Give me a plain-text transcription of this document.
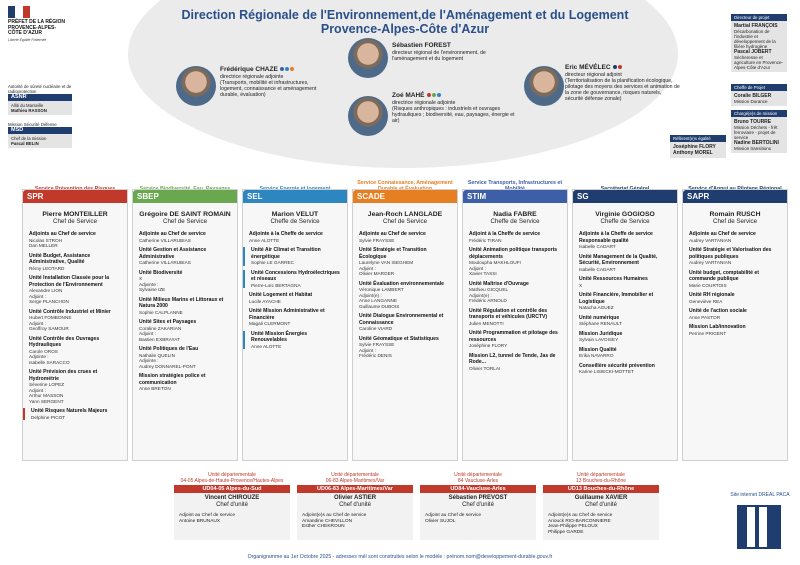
PRÉFET DE LA RÉGION PROVENCE-ALPES-CÔTE D'AZUR
Liberté Égalité Fraternité
Direction Régionale de l'Environnement,de l'Aménagement et du Logement
Provence-Alpes-Côte d'Azur
Sébastien FOREST
directeur régional de l'environnement, de l'aménagement et du logement
Frédérique CHAZE
directrice régionale adjointe
(Transports, mobilité et infrastructures, logement, connaissance et aménagement durable, évaluation)
Eric MÉVÉLEC
directeur régional adjoint
(Territorialisation de la planification écologique, pilotage des moyens des services et animation de la zone de gouvernance, risques naturels, sécurité défense zonale)
Zoé MAHÉ
directrice régionale adjointe
(Risques anthropiques : industriels et ouvrages hydrauliques ; biodiversité, eau, paysages, énergie et air)
Autorité de sûreté nucléaire et de radioprotection
ASNR
Alliti du Marseille
Mathieu RASSON
Mission Sécurité Défense
MSD
Chef de la mission
Pascal BELIN
Directeur de projet
Martial FRANÇOIS
Décarbonation de l'industrie et développement de la filière hydrogène
Pascal JOBERT
Sécheresse et agriculture en Provence-Alpes-Côte d'Azur
Cheffe de Projet
Coralie BILGER
Mission Durance
Chargé(e)s de mission
Bruno TOURRE
Mission Déchets - frêt ferroviaire - projet de service
Nadine BERTOLINI
Mission transitions
Référent(e)s égalité
Joséphine FLORY
Anthony MOREL
SPR
Pierre MONTEILLER
Chef de Service
Adjoints au Chef de service

Nicolas STROH
Dan MELLER
Unité Budget, Assistance Administrative, Qualité

Rémy LEOTARD
Unité Installation Classée pour la Protection de l'Environnement

Alexandre LION
Adjoint :
Serge PLANCHON
Unité Contrôle Industriel et Minier

Hubert FOMBONNE
Adjoint :
Geoffroy SAMOUR
Unité Contrôle des Ouvrages Hydrauliques

Carole OROS
Adjointe :
Isabelle SARACCO
Unité Prévision des crues et Hydrométrie

Séverine LOPEZ
Adjoint :
Arthur MASSON
Yann SERGENT
Unité Risques Naturels Majeurs

Delphine PICOT
SBEP
Grégoire DE SAINT ROMAIN
Chef de Service
Adjointe au Chef de service

Catherine VILLARUBIAS
Unité Gestion et Assistance Administrative

Catherine VILLARUBIAS
Unité Biodiversité

X
Adjointe :
Sylvaine IZE
Unité Milieux Marins et Littoraux et Natura 2000

Sophie CALPLANNE
Unité Sites et Paysages

Coraline ZAKARIAN
Adjoint :
Bastien EXBRAYAT
Unité Politiques de l'Eau

Nathalie QUELIN
Adjointe :
Audrey DONNAREL-PONT
Mission stratégies police et communication

Anne BRETON
SEL
Marion VELUT
Cheffe de Service
Adjointe à la Cheffe de service

Anne ALOTTE
Unité Air Climat et Transition énergétique

Sophie LE GARREC
Unité Concessions Hydroélectriques et réseaux

Pierre-Loïc BERTAGNA
Unité Logement et Habitat

Lucile AYACHE
Unité Mission Administrative et Financière

Magali CLERMONT
Unité Mission Énergies Renouvelables

Anne ALOTTE
Service Connaissance, Aménagement
SCADE
Jean-Roch LANGLADE
Chef de Service
Adjointe au Chef de service

Sylvie FRAYSSE
Unité Stratégie et Transition Écologique

Laurelyne VAN ISEGHEM
Adjoint :
Olivier MARGER
Unité Évaluation environnementale

Véronique LAMBERT
Adjoint(e) :
Anne LANGANNE
Guillaume DUBOIS
Unité Dialogue Environnemental et Connaissance

Caroline VIARD
Unité Géomatique et Statistiques

Sylvie FRAYSSE
Adjoint :
Frédéric DENIS
Service Transports, Infrastructures et
STIM
Nadia FABRE
Cheffe de Service
Adjoint à la Cheffe de service

Frédéric TIRAN
Unité Animation politique transports déplacements

Mouloupha MAKHLOUFI
Adjoint :
Xavier TASSI
Unité Maîtrise d'Ouvrage

Mathieu GICQUEL
Adjoint(e) :
Frédéric ARNOLD
Unité Régulation et contrôle des transports et véhicules (URCTV)

Julien MENOTTI
Unité Programmation et pilotage des ressources

Joséphine FLORY
Mission L2, tunnel de Tende, Jas de Rode...

Olivier TORLAI
SG
Virginie GOGIOSO
Cheffe de Service
Adjointe à la Cheffe de service Responsable qualité

Isabelle CADART
Unité Management de la Qualité, Sécurité, Environnement

Isabelle CADART
Unité Ressources Humaines

X
Unité Financière, Immobilier et Logistique

Natacha AGUEZ
Unité numérique

Stéphane RENAULT
Mission Juridique

Sylvain LAVOISEY
Mission Qualité

Erika NAVARRO
Conseillère sécurité prévention

Karine LISIECKI-MOTTET
SAPR
Romain RUSCH
Chef de Service
Adjointe au Chef de service

Audrey VARTANIAN
Unité Stratégie et Valorisation des politiques publiques

Audrey VARTANIAN
Unité budget, comptabilité et commande publique

Marie COURTOIS
Unité RH régionale

Geneviève REA
Unité de l'action sociale

Anne PASTOR
Mission Lab/innovation

Perrine PRIGENT
Unité départementale
04-05 Alpes-de-Haute-Provence/Hautes-Alpes
UD04-05 Alpes-du-Sud
Vincent CHIROUZE
Chef d'unité
Adjoint au Chef de service
Antoine BRUNAUX
Unité départementale
06-83 Alpes-Maritimes/Var
UD06-83 Alpes-Maritimes/Var
Olivier ASTIER
Chef d'unité
Adjoint(e)s au Chef de service
Amandine CHEVILLON
Esther CHEKROUN
Unité départementale
84 Vaucluse-Arles
UD84-Vaucluse-Arles
Sébastien PREVOST
Chef d'unité
Adjoint au Chef de service
Olivier SUJOL
Unité départementale
13 Bouches-du-Rhône
UD13 Bouches-du-Rhône
Guillaume XAVIER
Chef d'unité
Adjoint(e)s au Chef de service
Anouck RIO-BARCONNIERE
Jean-Philippe PELOUX
Philippe GARDE
Site internet DREAL PACA
Organigramme au 1er Octobre 2025 - adresses mél sont construites selon le modèle : prénom.nom@developpement-durable.gouv.fr
